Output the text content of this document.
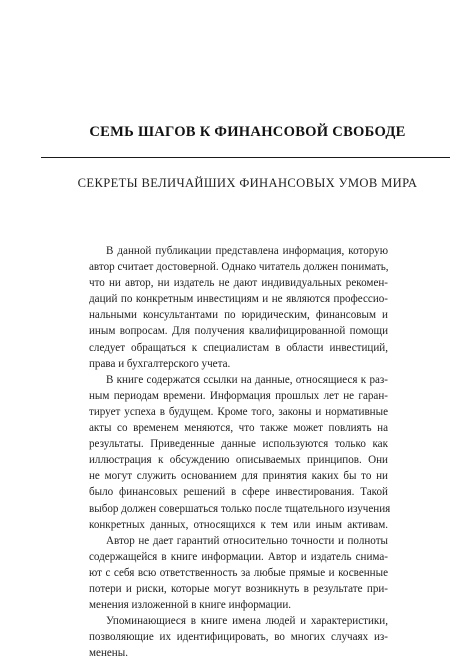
СЕМЬ ШАГОВ К ФИНАНСОВОЙ СВОБОДЕ
СЕКРЕТЫ ВЕЛИЧАЙШИХ ФИНАНСОВЫХ УМОВ МИРА
В данной публикации представлена информация, которую
автор считает достоверной. Однако читатель должен понимать,
что ни автор, ни издатель не дают индивидуальных рекомен-
даций по конкретным инвестициям и не являются профессио-
нальными консультантами по юридическим, финансовым и
иным вопросам. Для получения квалифицированной помощи
следует обращаться к специалистам в области инвестиций,
права и бухгалтерского учета.
В книге содержатся ссылки на данные, относящиеся к раз-
ным периодам времени. Информация прошлых лет не гаран-
тирует успеха в будущем. Кроме того, законы и нормативные
акты со временем меняются, что также может повлиять на
результаты. Приведенные данные используются только как
иллюстрация к обсуждению описываемых принципов. Они
не могут служить основанием для принятия каких бы то ни
было финансовых решений в сфере инвестирования. Такой
выбор должен совершаться только после тщательного изучения
конкретных данных, относящихся к тем или иным активам.
Автор не дает гарантий относительно точности и полноты
содержащейся в книге информации. Автор и издатель снима-
ют с себя всю ответственность за любые прямые и косвенные
потери и риски, которые могут возникнуть в результате при-
менения изложенной в книге информации.
Упоминающиеся в книге имена людей и характеристики,
позволяющие их идентифицировать, во многих случаях из-
менены.
